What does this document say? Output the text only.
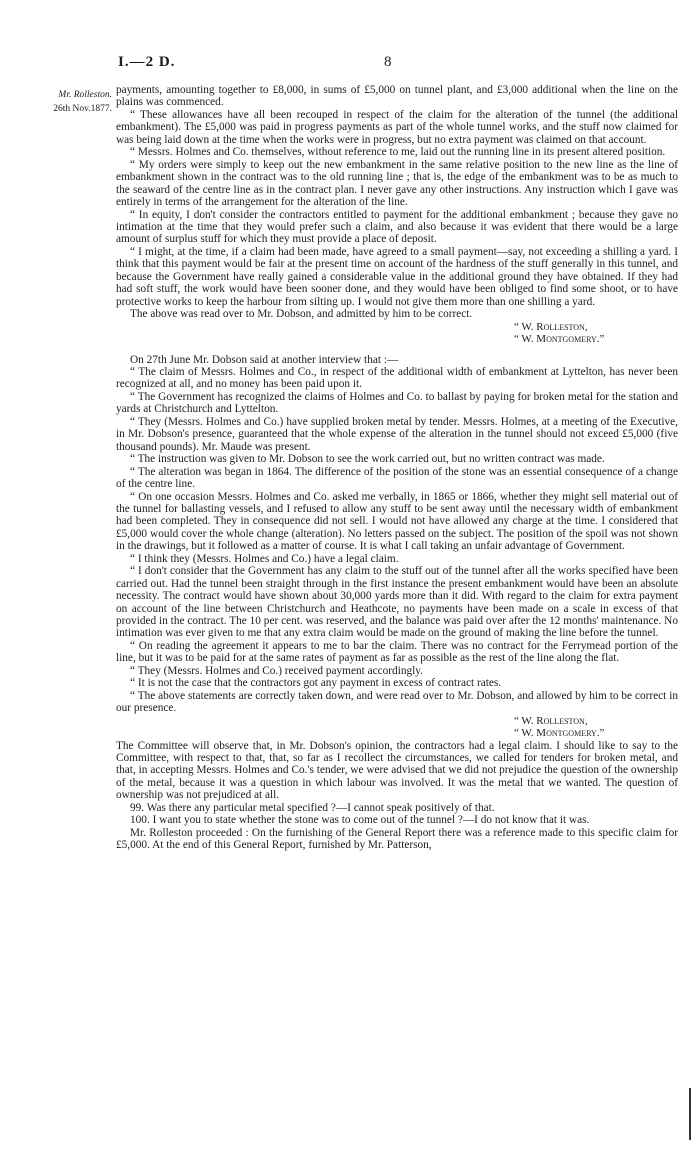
I.—2 D.	8
Mr. Rolleston.
26th Nov.1877.

payments, amounting together to £8,000, in sums of £5,000 on tunnel plant, and £3,000 additional when the line on the plains was commenced.

“ These allowances have all been recouped in respect of the claim for the alteration of the tunnel (the additional embankment). The £5,000 was paid in progress payments as part of the whole tunnel works, and the stuff now claimed for was being laid down at the time when the works were in progress, but no extra payment was claimed on that account.

“ Messrs. Holmes and Co. themselves, without reference to me, laid out the running line in its present altered position.

“ My orders were simply to keep out the new embankment in the same relative position to the new line as the line of embankment shown in the contract was to the old running line ; that is, the edge of the embankment was to be as much to the seaward of the centre line as in the contract plan. I never gave any other instructions. Any instruction which I gave was entirely in terms of the arrangement for the alteration of the line.

“ In equity, I don't consider the contractors entitled to payment for the additional embankment ; because they gave no intimation at the time that they would prefer such a claim, and also because it was evident that there would be a large amount of surplus stuff for which they must provide a place of deposit.

“ I might, at the time, if a claim had been made, have agreed to a small payment—say, not exceeding a shilling a yard. I think that this payment would be fair at the present time on account of the hardness of the stuff generally in this tunnel, and because the Government have really gained a considerable value in the additional ground they have obtained. If they had had soft stuff, the work would have been sooner done, and they would have been obliged to find some shoot, or to have protective works to keep the harbour from silting up. I would not give them more than one shilling a yard.

The above was read over to Mr. Dobson, and admitted by him to be correct.

“ W. Rolleston,
“ W. Montgomery.”

On 27th June Mr. Dobson said at another interview that :—

“ The claim of Messrs. Holmes and Co., in respect of the additional width of embankment at Lyttelton, has never been recognized at all, and no money has been paid upon it.

“ The Government has recognized the claims of Holmes and Co. to ballast by paying for broken metal for the station and yards at Christchurch and Lyttelton.

“ They (Messrs. Holmes and Co.) have supplied broken metal by tender. Messrs. Holmes, at a meeting of the Executive, in Mr. Dobson's presence, guaranteed that the whole expense of the alteration in the tunnel should not exceed £5,000 (five thousand pounds). Mr. Maude was present.

“ The instruction was given to Mr. Dobson to see the work carried out, but no written contract was made.

“ The alteration was began in 1864. The difference of the position of the stone was an essential consequence of a change of the centre line.

“ On one occasion Messrs. Holmes and Co. asked me verbally, in 1865 or 1866, whether they might sell material out of the tunnel for ballasting vessels, and I refused to allow any stuff to be sent away until the necessary width of embankment had been completed. They in consequence did not sell. I would not have allowed any charge at the time. I considered that £5,000 would cover the whole change (alteration). No letters passed on the subject. The position of the spoil was not shown in the drawings, but it followed as a matter of course. It is what I call taking an unfair advantage of Government.

“ I think they (Messrs. Holmes and Co.) have a legal claim.

“ I don't consider that the Government has any claim to the stuff out of the tunnel after all the works specified have been carried out. Had the tunnel been straight through in the first instance the present embankment would have been an absolute necessity. The contract would have shown about 30,000 yards more than it did. With regard to the claim for extra payment on account of the line between Christchurch and Heathcote, no payments have been made on a scale in excess of that provided in the contract. The 10 per cent. was reserved, and the balance was paid over after the 12 months' maintenance. No intimation was ever given to me that any extra claim would be made on the ground of making the line before the tunnel.

“ On reading the agreement it appears to me to bar the claim. There was no contract for the Ferrymead portion of the line, but it was to be paid for at the same rates of payment as far as possible as the rest of the line along the flat.

“ They (Messrs. Holmes and Co.) received payment accordingly.

“ It is not the case that the contractors got any payment in excess of contract rates.

“ The above statements are correctly taken down, and were read over to Mr. Dobson, and allowed by him to be correct in our presence.

“ W. Rolleston,
“ W. Montgomery.”

The Committee will observe that, in Mr. Dobson's opinion, the contractors had a legal claim. I should like to say to the Committee, with respect to that, that, so far as I recollect the circumstances, we called for tenders for broken metal, and that, in accepting Messrs. Holmes and Co.'s tender, we were advised that we did not prejudice the question of the ownership of the metal, because it was a question in which labour was involved. It was the metal that we wanted. The question of ownership was not prejudiced at all.

99. Was there any particular metal specified ?—I cannot speak positively of that.

100. I want you to state whether the stone was to come out of the tunnel ?—I do not know that it was.

Mr. Rolleston proceeded : On the furnishing of the General Report there was a reference made to this specific claim for £5,000. At the end of this General Report, furnished by Mr. Patterson,
